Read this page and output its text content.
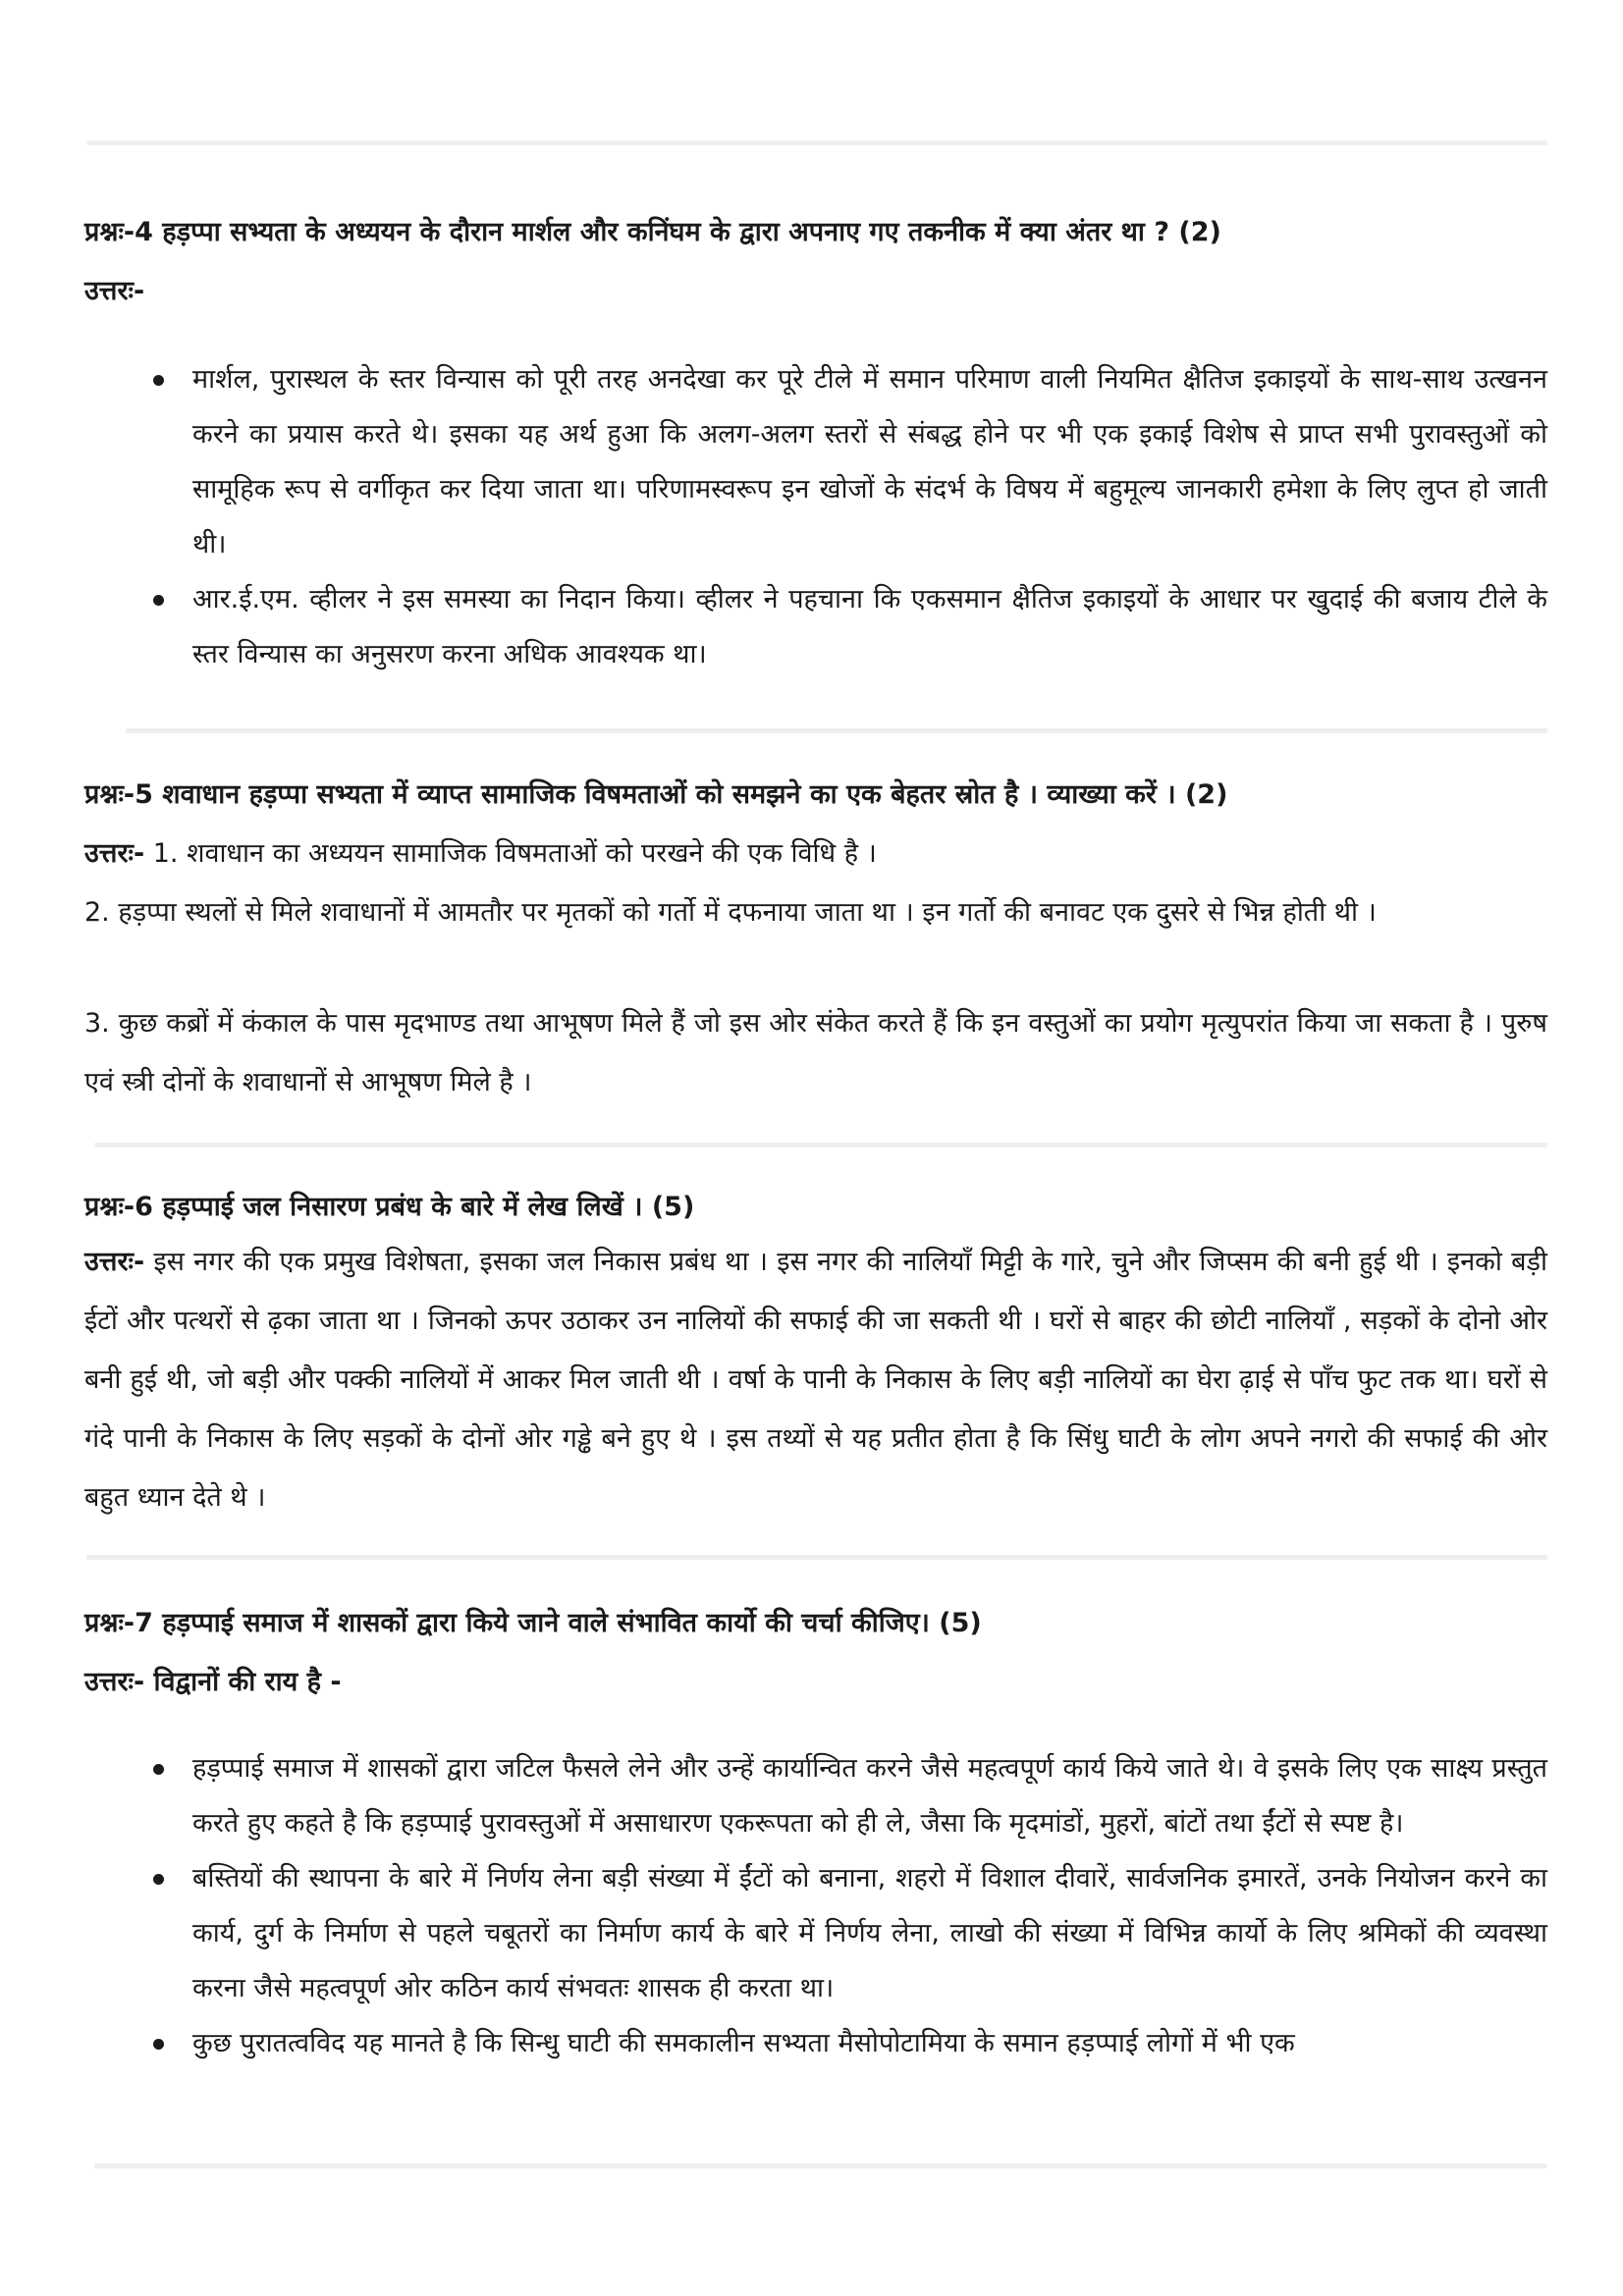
प्रश्नः-4 हड़प्पा सभ्यता के अध्ययन के दौरान मार्शल और कनिंघम के द्वारा अपनाए गए तकनीक में क्या अंतर था ? (2)
उत्तरः-
मार्शल, पुरास्थल के स्तर विन्यास को पूरी तरह अनदेखा कर पूरे टीले में समान परिमाण वाली नियमित क्षैतिज इकाइयों के साथ-साथ उत्खनन करने का प्रयास करते थे। इसका यह अर्थ हुआ कि अलग-अलग स्तरों से संबद्ध होने पर भी एक इकाई विशेष से प्राप्त सभी पुरावस्तुओं को सामूहिक रूप से वर्गीकृत कर दिया जाता था। परिणामस्वरूप इन खोजों के संदर्भ के विषय में बहुमूल्य जानकारी हमेशा के लिए लुप्त हो जाती थी।
आर.ई.एम. व्हीलर ने इस समस्या का निदान किया। व्हीलर ने पहचाना कि एकसमान क्षैतिज इकाइयों के आधार पर खुदाई की बजाय टीले के स्तर विन्यास का अनुसरण करना अधिक आवश्यक था।
प्रश्नः-5 शवाधान हड़प्पा सभ्यता में व्याप्त सामाजिक विषमताओं को समझने का एक बेहतर स्रोत है । व्याख्या करें । (2)
उत्तरः- 1. शवाधान का अध्ययन सामाजिक विषमताओं को परखने की एक विधि है ।
2. हड़प्पा स्थलों से मिले शवाधानों में आमतौर पर मृतकों को गर्तो में दफनाया जाता था । इन गर्तो की बनावट एक दुसरे से भिन्न होती थी ।
3. कुछ कब्रों में कंकाल के पास मृदभाण्ड तथा आभूषण मिले हैं जो इस ओर संकेत करते हैं कि इन वस्तुओं का प्रयोग मृत्युपरांत किया जा सकता है । पुरुष एवं स्त्री दोनों के शवाधानों से आभूषण मिले है ।
प्रश्नः-6 हड़प्पाई जल निसारण प्रबंध के बारे में लेख लिखें । (5)
उत्तरः- इस नगर की एक प्रमुख विशेषता, इसका जल निकास प्रबंध था । इस नगर की नालियाँ मिट्टी के गारे, चुने और जिप्सम की बनी हुई थी । इनको बड़ी ईटों और पत्थरों से ढ़का जाता था । जिनको ऊपर उठाकर उन नालियों की सफाई की जा सकती थी । घरों से बाहर की छोटी नालियाँ , सड़कों के दोनो ओर बनी हुई थी, जो बड़ी और पक्की नालियों में आकर मिल जाती थी । वर्षा के पानी के निकास के लिए बड़ी नालियों का घेरा ढ़ाई से पाँच फुट तक था। घरों से गंदे पानी के निकास के लिए सड़कों के दोनों ओर गड्ढे बने हुए थे । इस तथ्यों से यह प्रतीत होता है कि सिंधु घाटी के लोग अपने नगरो की सफाई की ओर बहुत ध्यान देते थे ।
प्रश्नः-7 हड़प्पाई समाज में शासकों द्वारा किये जाने वाले संभावित कार्यो की चर्चा कीजिए। (5)
उत्तरः- विद्वानों की राय है -
हड़प्पाई समाज में शासकों द्वारा जटिल फैसले लेने और उन्हें कार्यान्वित करने जैसे महत्वपूर्ण कार्य किये जाते थे। वे इसके लिए एक साक्ष्य प्रस्तुत करते हुए कहते है कि हड़प्पाई पुरावस्तुओं में असाधारण एकरूपता को ही ले, जैसा कि मृदमांडों, मुहरों, बांटों तथा ईंटों से स्पष्ट है।
बस्तियों की स्थापना के बारे में निर्णय लेना बड़ी संख्या में ईंटों को बनाना, शहरो में विशाल दीवारें, सार्वजनिक इमारतें, उनके नियोजन करने का कार्य, दुर्ग के निर्माण से पहले चबूतरों का निर्माण कार्य के बारे में निर्णय लेना, लाखो की संख्या में विभिन्न कार्यो के लिए श्रमिकों की व्यवस्था करना जैसे महत्वपूर्ण ओर कठिन कार्य संभवतः शासक ही करता था।
कुछ पुरातत्वविद यह मानते है कि सिन्धु घाटी की समकालीन सभ्यता मैसोपोटामिया के समान हड़प्पाई लोगों में भी एक
